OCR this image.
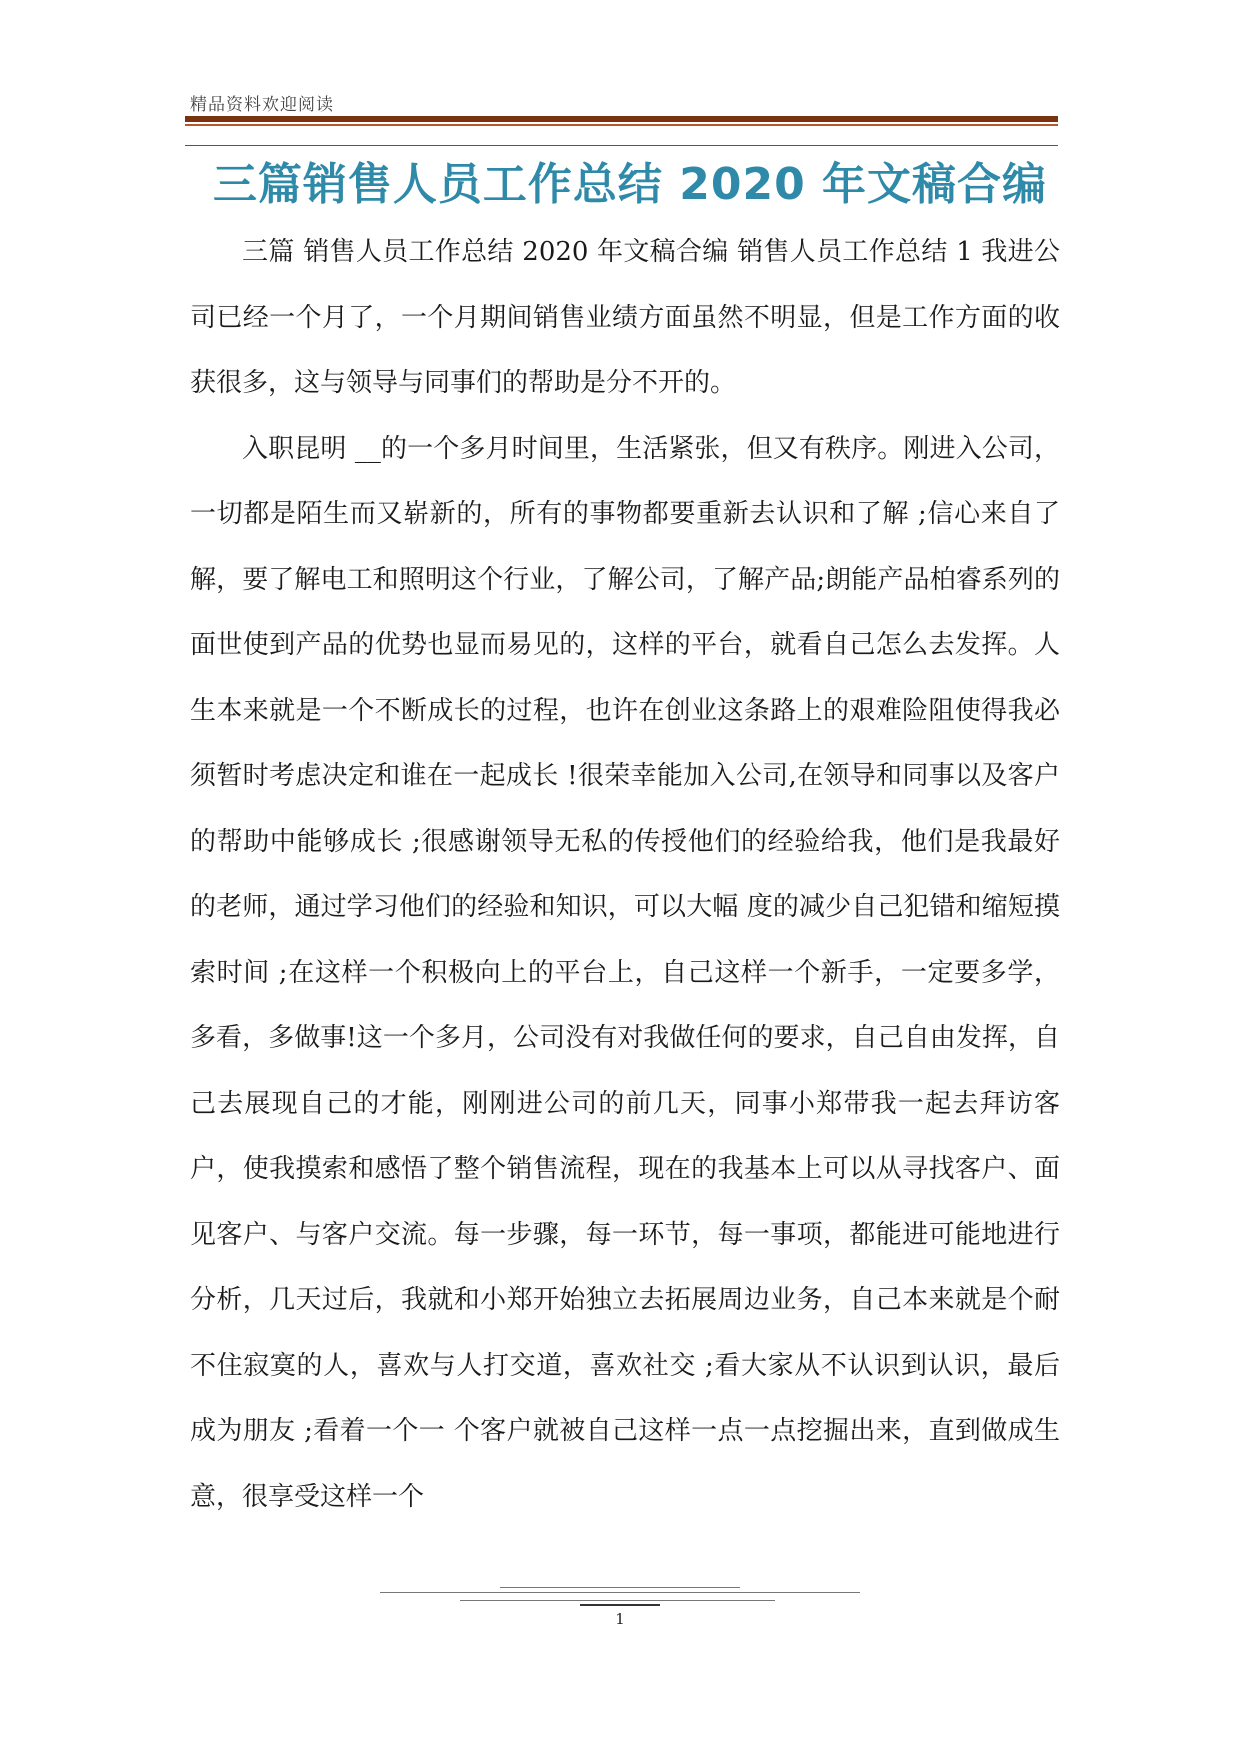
精品资料欢迎阅读
三篇销售人员工作总结 2020 年文稿合编

三篇 销售人员工作总结 2020 年文稿合编 销售人员工作总结 1 我进公司已经一个月了，一个月期间销售业绩方面虽然不明显，但是工作方面的收获很多，这与领导与同事们的帮助是分不开的。

入职昆明 __的一个多月时间里，生活紧张，但又有秩序。刚进入公司，一切都是陌生而又崭新的，所有的事物都要重新去认识和了解 ;信心来自了解，要了解电工和照明这个行业，了解公司，了解产品;朗能产品柏睿系列的面世使到产品的优势也显而易见的，这样的平台，就看自己怎么去发挥。人生本来就是一个不断成长的过程，也许在创业这条路上的艰难险阻使得我必须暂时考虑决定和谁在一起成长 !很荣幸能加入公司,在领导和同事以及客户的帮助中能够成长 ;很感谢领导无私的传授他们的经验给我，他们是我最好的老师，通过学习他们的经验和知识，可以大幅 度的减少自己犯错和缩短摸索时间 ;在这样一个积极向上的平台上，自己这样一个新手，一定要多学，多看，多做事!这一个多月，公司没有对我做任何的要求，自己自由发挥，自己去展现自己的才能，刚刚进公司的前几天，同事小郑带我一起去拜访客户，使我摸索和感悟了整个销售流程，现在的我基本上可以从寻找客户、面见客户、与客户交流。每一步骤，每一环节，每一事项，都能进可能地进行分析，几天过后，我就和小郑开始独立去拓展周边业务，自己本来就是个耐不住寂寞的人，喜欢与人打交道，喜欢社交 ;看大家从不认识到认识，最后成为朋友 ;看着一个一 个客户就被自己这样一点一点挖掘出来，直到做成生意，很享受这样一个

1
